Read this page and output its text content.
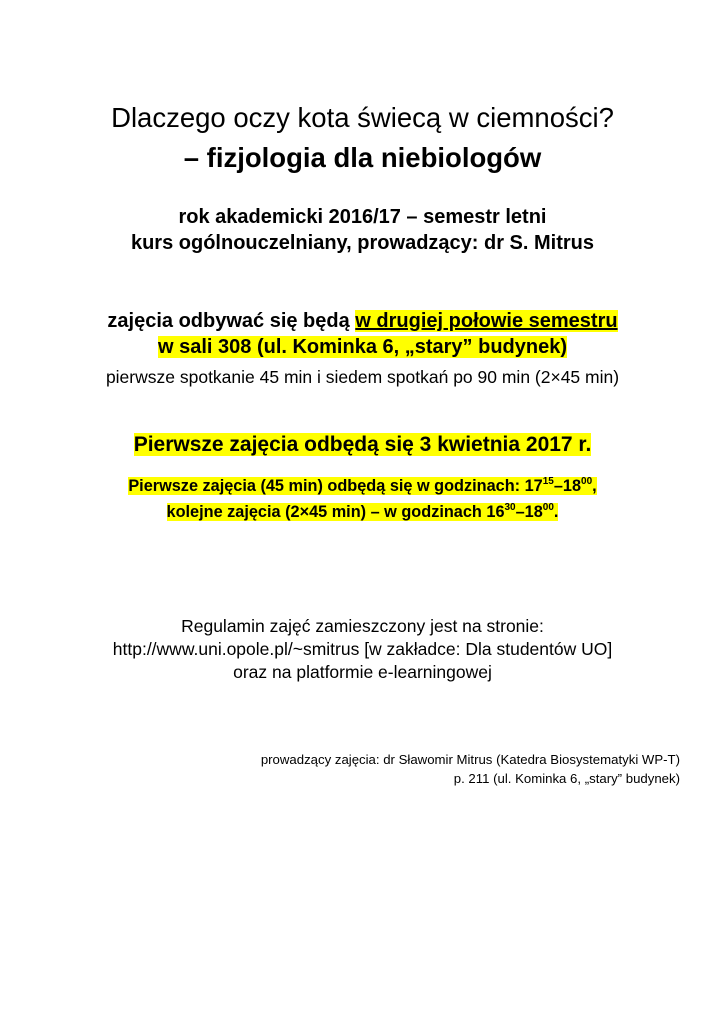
Dlaczego oczy kota świecą w ciemności?
– fizjologia dla niebiologów
rok akademicki 2016/17 – semestr letni
kurs ogólnouczelniany, prowadzący: dr S. Mitrus
zajęcia odbywać się będą w drugiej połowie semestru
w sali 308 (ul. Kominka 6, „stary” budynek)
pierwsze spotkanie 45 min i siedem spotkań po 90 min (2×45 min)
Pierwsze zajęcia odbędą się 3 kwietnia 2017 r.
Pierwsze zajęcia (45 min) odbędą się w godzinach: $17^{15}-18^{00}$,
kolejne zajęcia (2×45 min) – w godzinach $16^{30}-18^{00}$.
Regulamin zajęć zamieszczony jest na stronie:
http://www.uni.opole.pl/~smitrus [w zakładce: Dla studentów UO]
oraz na platformie e-learningowej
prowadzący zajęcia: dr Sławomir Mitrus (Katedra Biosystematyki WP-T)
p. 211 (ul. Kominka 6, „stary” budynek)
